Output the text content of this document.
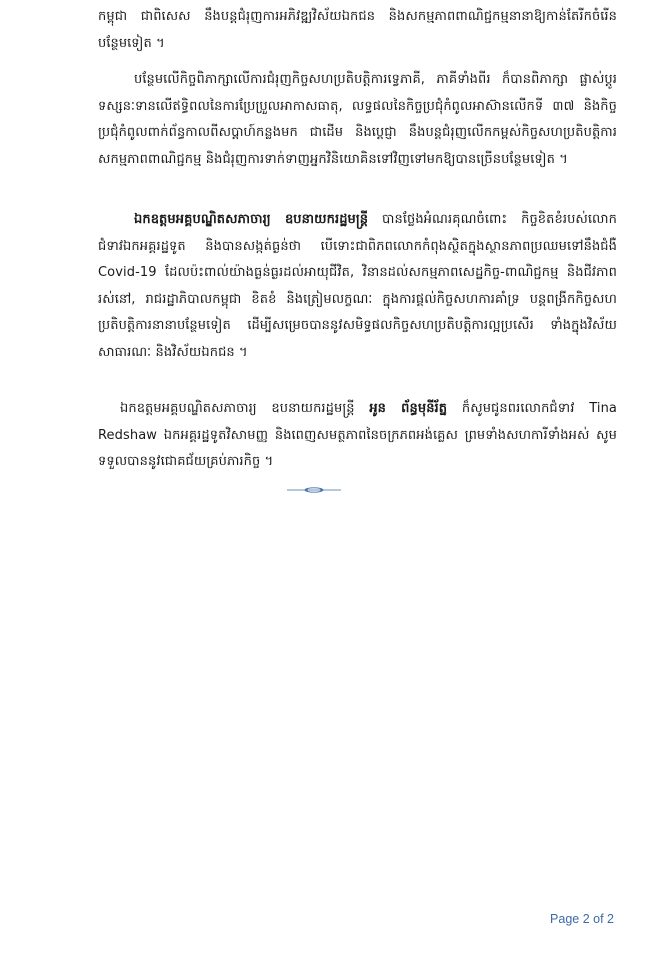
កម្ពុជា ជាពិសេស នឹងបន្តជំរុញការអភិវឌ្ឍវិស័យឯកជន និងសកម្មភាពពាណិជ្ជកម្មនានាឱ្យកាន់តែរីកចំរើន បន្ថែមទៀត ។

បន្ថែមលើកិច្ចពិភាក្សាលើការជំរុញកិច្ចសហប្រតិបត្តិការទ្វេភាគី, ភាគីទាំងពីរ ក៏បានពិភាក្សា ផ្លាស់ប្តូរទស្សនៈទានលើឥទ្ធិពលនៃការប្រែប្រួលអាកាសធាតុ, លទ្ធផលនៃកិច្ចប្រជុំកំពូលអាស៊ានលើកទី ៣៧ និងកិច្ចប្រជុំកំពូលពាក់ព័ន្ធកាលពីសប្តាហ៍កន្លងមក ជាដើម និងប្តេជ្ញា នឹងបន្តជំរុញលើកកម្ពស់កិច្ចសហប្រតិបត្តិការសកម្មភាពពាណិជ្ជកម្ម និងជំរុញការទាក់ទាញអ្នកវិនិយោគិនទៅវិញទៅមកឱ្យបានច្រើនបន្ថែមទៀត ។

ឯកឧត្តមអគ្គបណ្ឌិតសភាចារ្យ ឧបនាយករដ្ឋមន្ត្រី បានថ្លែងអំណរគុណចំពោះ កិច្ចខិតខំរបស់លោកជំទាវឯកអគ្គរដ្ឋទូត និងបានសង្កត់ធ្ងន់ថា បើទោះជាពិភពលោកកំពុងស្ថិតក្នុងស្ថានភាពប្រឈមទៅនឹងជំងឺ Covid-19 ដែលប៉ះពាល់យ៉ាងធ្ងន់ធ្ងរដល់អាយុជីវិត, វិនានដល់សកម្មភាពសេដ្ឋកិច្ច-ពាណិជ្ជកម្ម និងជីវភាពរស់នៅ, រាជរដ្ឋាភិបាលកម្ពុជា ខិតខំ និងត្រៀមលក្ខណៈ ក្នុងការផ្តល់កិច្ចសហការគាំទ្រ បន្តពង្រីកកិច្ចសហប្រតិបត្តិការនានាបន្ថែមទៀត ដើម្បីសម្រេចបាននូវសមិទ្ធផលកិច្ចសហប្រតិបត្តិការល្អប្រសើរ ទាំងក្នុងវិស័យសាធារណៈ និងវិស័យឯកជន ។

ឯកឧត្តមអគ្គបណ្ឌិតសភាចារ្យ ឧបនាយករដ្ឋមន្ត្រី អូន ព័ន្ធមុនីរ័ត្ន ក៏សូមជូនពរលោកជំទាវ Tina Redshaw ឯកអគ្គរដ្ឋទូតវិសាមញ្ញ និងពេញសមត្ថភាពនៃចក្រភពអង់គ្លេស ព្រមទាំងសហការីទាំងអស់ សូមទទួលបាននូវជោគជ័យគ្រប់ភារកិច្ច ។

Page 2 of 2
